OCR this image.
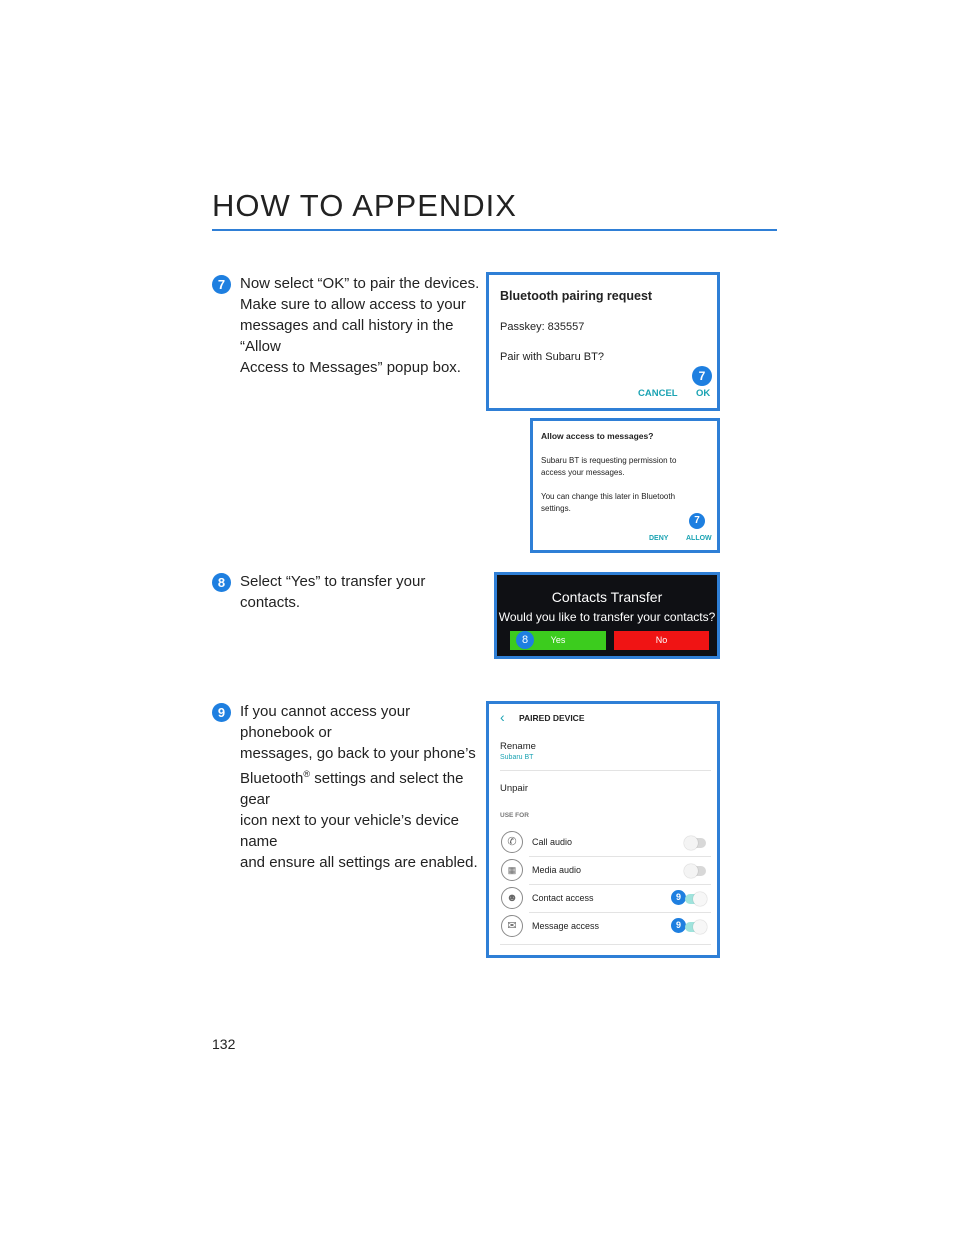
HOW TO APPENDIX
7 Now select “OK” to pair the devices.
Make sure to allow access to your
messages and call history in the “Allow
Access to Messages” popup box.
Bluetooth pairing request
Passkey: 835557
Pair with Subaru BT?
7
CANCEL OK
Allow access to messages?
Subaru BT is requesting permission to
access your messages.
You can change this later in Bluetooth
settings.
7
DENY	ALLOW
8 Select “Yes” to transfer your contacts.	Contacts Transfer
Would you like to transfer your contacts?
Yes
8	No
9 If you cannot access your phonebook or
messages, go back to your phone’s
Bluetooth® settings and select the gear
icon next to your vehicle’s device name
and ensure all settings are enabled.
‹ PAIRED DEVICE
Rename
Subaru BT
Unpair
USE FOR
✆	Call audio
▦	Media audio
☻	Contact access	9
✉	Message access	9
132
